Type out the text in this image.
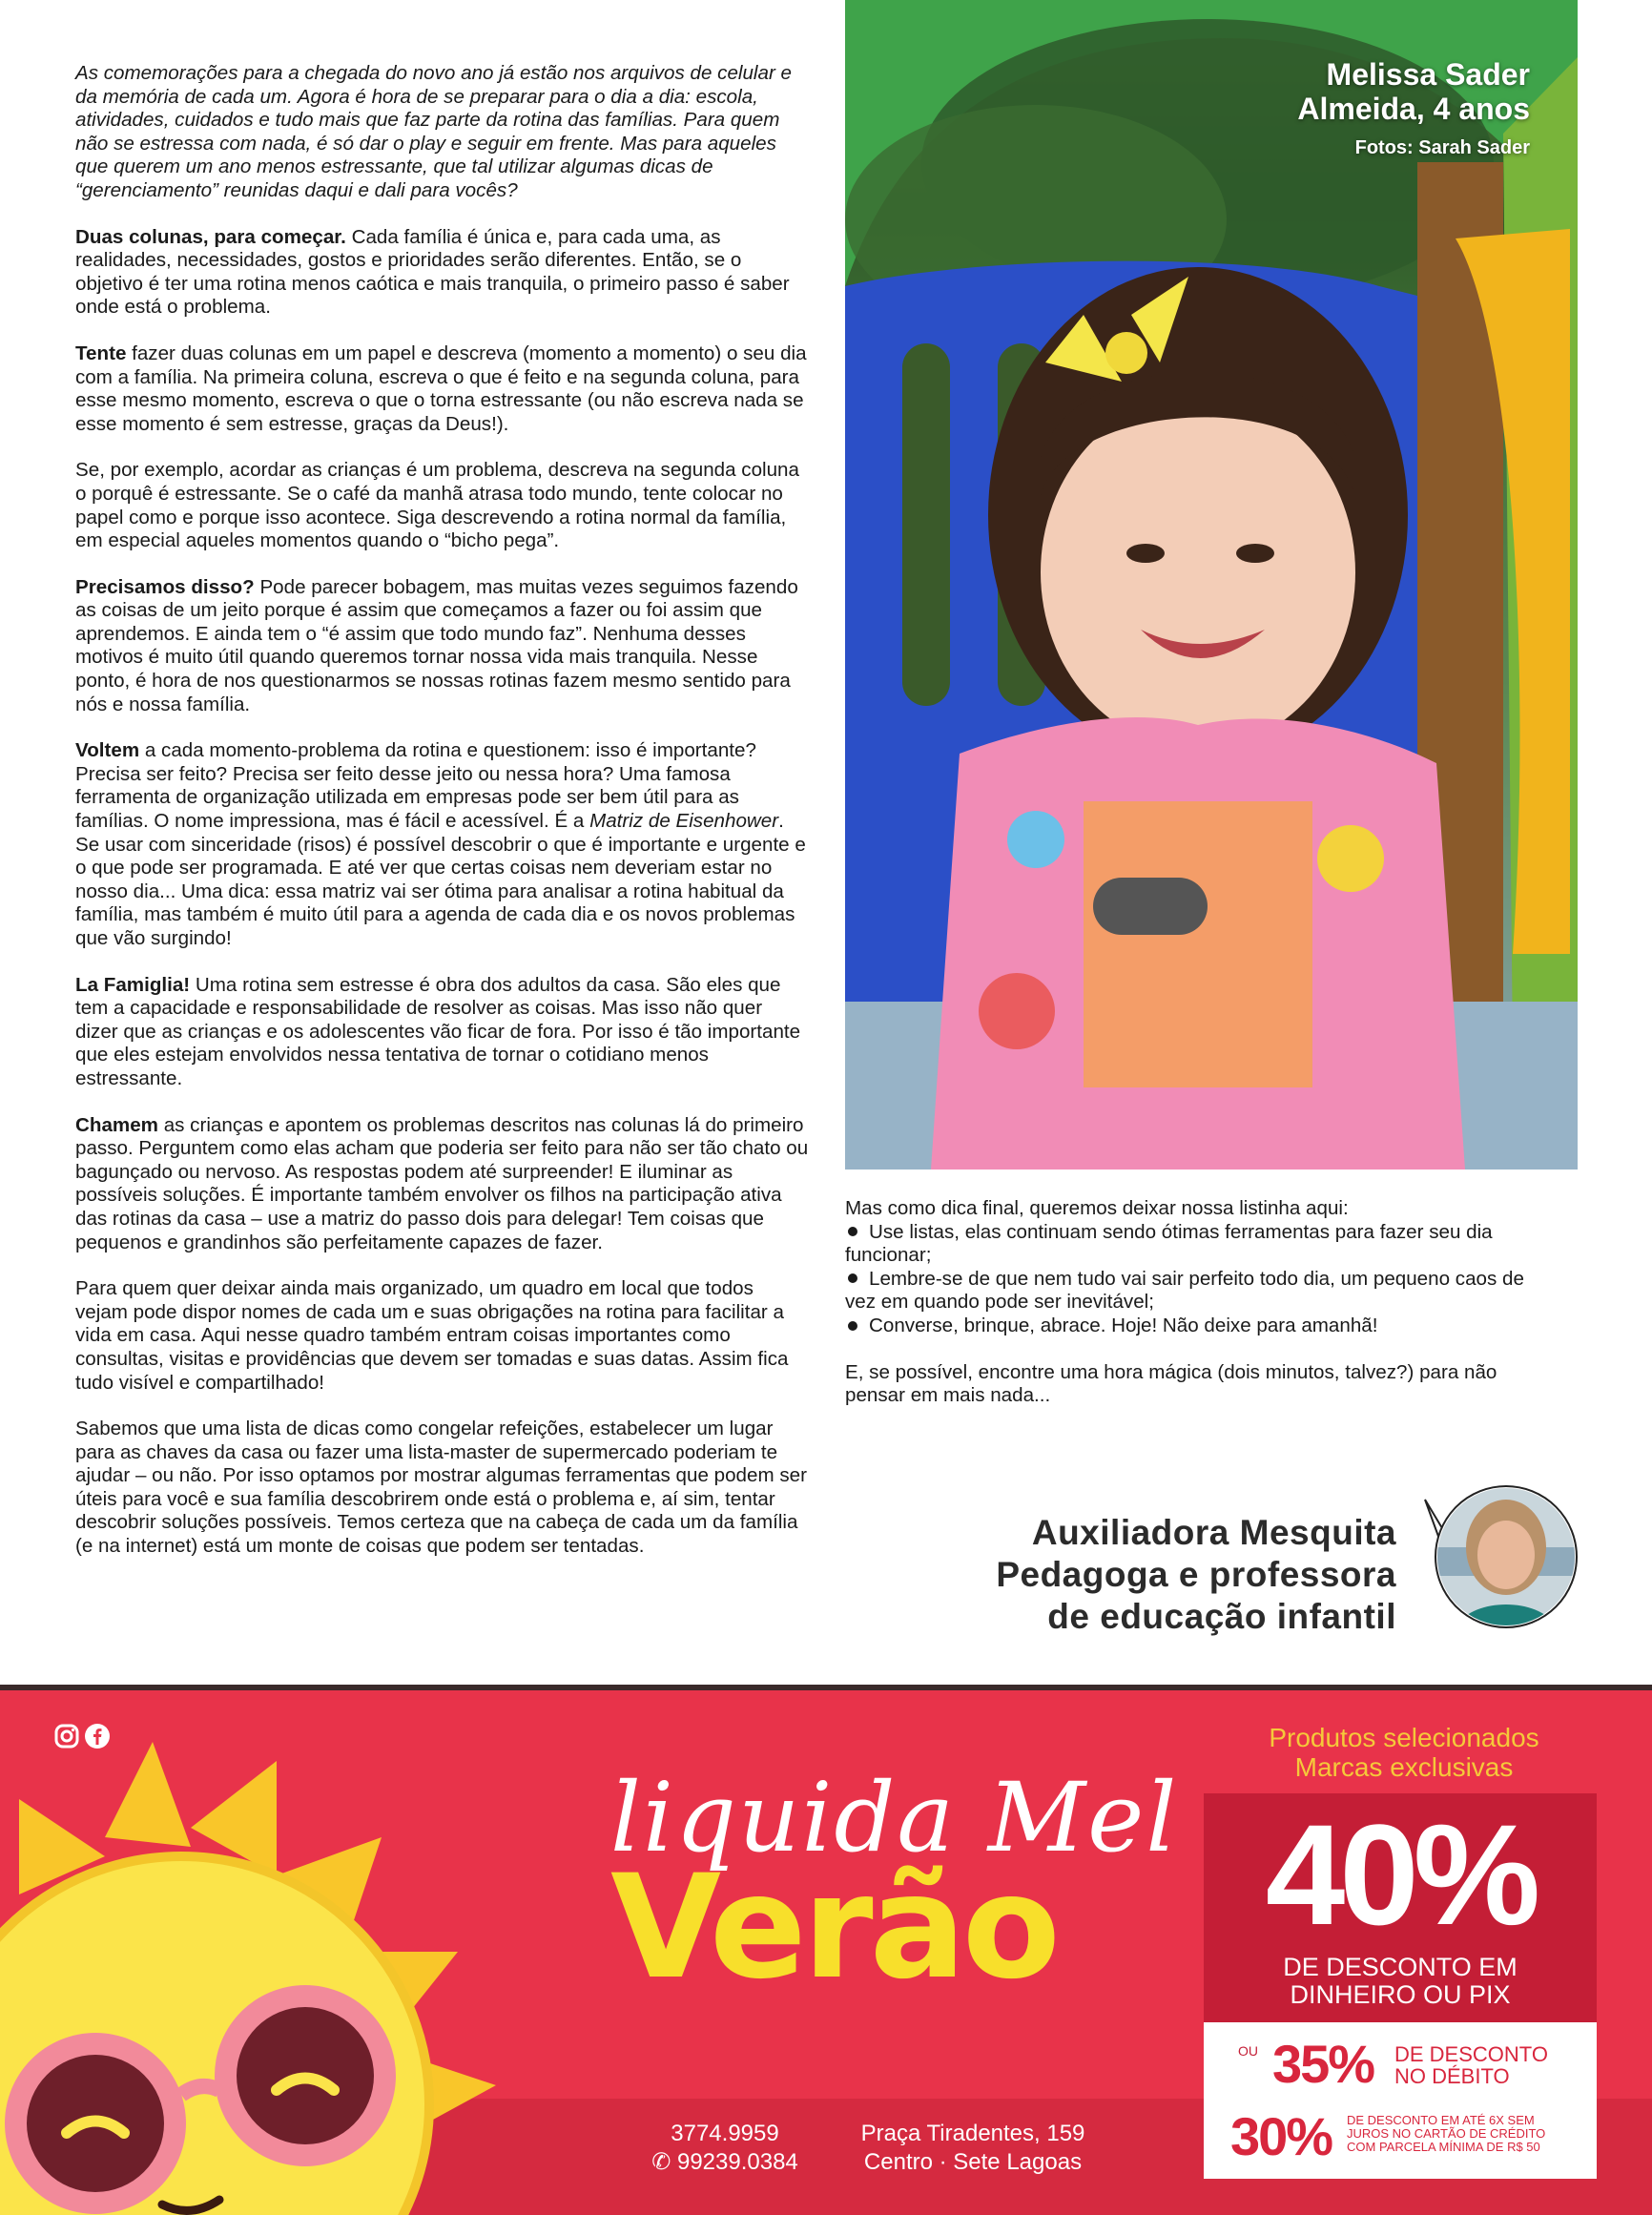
As comemorações para a chegada do novo ano já estão nos arquivos de celular e da memória de cada um. Agora é hora de se preparar para o dia a dia: escola, atividades, cuidados e tudo mais que faz parte da rotina das famílias. Para quem não se estressa com nada, é só dar o play e seguir em frente. Mas para aqueles que querem um ano menos estressante, que tal utilizar algumas dicas de “gerenciamento” reunidas daqui e dali para vocês?

Duas colunas, para começar. Cada família é única e, para cada uma, as realidades, necessidades, gostos e prioridades serão diferentes. Então, se o objetivo é ter uma rotina menos caótica e mais tranquila, o primeiro passo é saber onde está o problema.

Tente fazer duas colunas em um papel e descreva (momento a momento) o seu dia com a família. Na primeira coluna, escreva o que é feito e na segunda coluna, para esse mesmo momento, escreva o que o torna estressante (ou não escreva nada se esse momento é sem estresse, graças da Deus!).

Se, por exemplo, acordar as crianças é um problema, descreva na segunda coluna o porquê é estressante. Se o café da manhã atrasa todo mundo, tente colocar no papel como e porque isso acontece. Siga descrevendo a rotina normal da família, em especial aqueles momentos quando o “bicho pega”.

Precisamos disso? Pode parecer bobagem, mas muitas vezes seguimos fazendo as coisas de um jeito porque é assim que começamos a fazer ou foi assim que aprendemos. E ainda tem o “é assim que todo mundo faz”. Nenhuma desses motivos é muito útil quando queremos tornar nossa vida mais tranquila. Nesse ponto, é hora de nos questionarmos se nossas rotinas fazem mesmo sentido para nós e nossa família.

Voltem a cada momento-problema da rotina e questionem: isso é importante? Precisa ser feito? Precisa ser feito desse jeito ou nessa hora? Uma famosa ferramenta de organização utilizada em empresas pode ser bem útil para as famílias. O nome impressiona, mas é fácil e acessível. É a Matriz de Eisenhower. Se usar com sinceridade (risos) é possível descobrir o que é importante e urgente e o que pode ser programada. E até ver que certas coisas nem deveriam estar no nosso dia... Uma dica: essa matriz vai ser ótima para analisar a rotina habitual da família, mas também é muito útil para a agenda de cada dia e os novos problemas que vão surgindo!

La Famiglia! Uma rotina sem estresse é obra dos adultos da casa. São eles que tem a capacidade e responsabilidade de resolver as coisas. Mas isso não quer dizer que as crianças e os adolescentes vão ficar de fora. Por isso é tão importante que eles estejam envolvidos nessa tentativa de tornar o cotidiano menos estressante.

Chamem as crianças e apontem os problemas descritos nas colunas lá do primeiro passo. Perguntem como elas acham que poderia ser feito para não ser tão chato ou bagunçado ou nervoso. As respostas podem até surpreender! E iluminar as possíveis soluções. É importante também envolver os filhos na participação ativa das rotinas da casa – use a matriz do passo dois para delegar! Tem coisas que pequenos e grandinhos são perfeitamente capazes de fazer.

Para quem quer deixar ainda mais organizado, um quadro em local que todos vejam pode dispor nomes de cada um e suas obrigações na rotina para facilitar a vida em casa. Aqui nesse quadro também entram coisas importantes como consultas, visitas e providências que devem ser tomadas e suas datas. Assim fica tudo visível e compartilhado!

Sabemos que uma lista de dicas como congelar refeições, estabelecer um lugar para as chaves da casa ou fazer uma lista-master de supermercado poderiam te ajudar – ou não. Por isso optamos por mostrar algumas ferramentas que podem ser úteis para você e sua família descobrirem onde está o problema e, aí sim, tentar descobrir soluções possíveis. Temos certeza que na cabeça de cada um da família (e na internet) está um monte de coisas que podem ser tentadas.

Melissa Sader
Almeida, 4 anos
Fotos: Sarah Sader

Mas como dica final, queremos deixar nossa listinha aqui:

Use listas, elas continuam sendo ótimas ferramentas para fazer seu dia funcionar;
Lembre-se de que nem tudo vai sair perfeito todo dia, um pequeno caos de vez em quando pode ser inevitável;
Converse, brinque, abrace. Hoje! Não deixe para amanhã!

E, se possível, encontre uma hora mágica (dois minutos, talvez?) para não pensar em mais nada...

Auxiliadora Mesquita
Pedagoga e professora
de educação infantil
liquida Mel
Verão
3774.9959
✆ 99239.0384
Praça Tiradentes, 159
Centro · Sete Lagoas
Produtos selecionados
Marcas exclusivas
40%
DE DESCONTO EM
DINHEIRO OU PIX
OU 35% DE DESCONTO
NO DÉBITO
30% DE DESCONTO EM ATÉ 6X SEM
JUROS NO CARTÃO DE CRÉDITO
COM PARCELA MÍNIMA DE R$ 50
